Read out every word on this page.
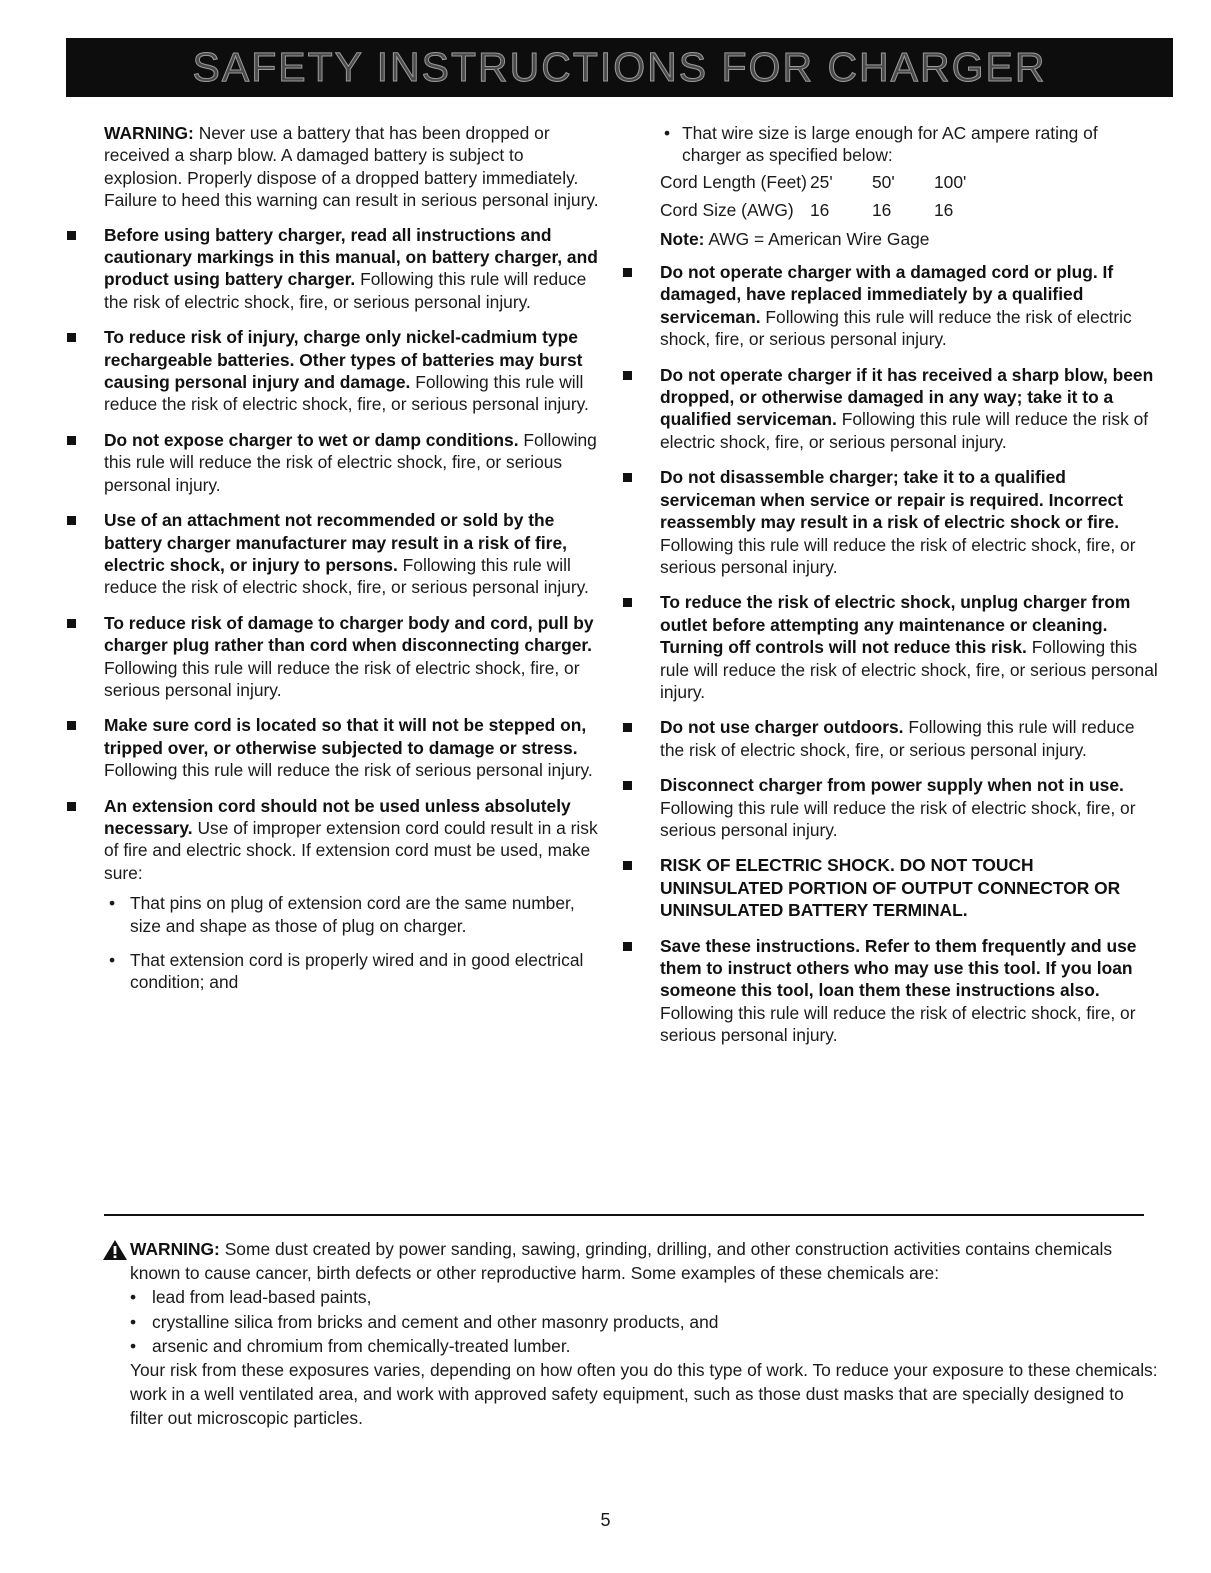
SAFETY INSTRUCTIONS FOR CHARGER

WARNING: Never use a battery that has been dropped or received a sharp blow. A damaged battery is subject to explosion. Properly dispose of a dropped battery immediately. Failure to heed this warning can result in serious personal injury.

Before using battery charger, read all instructions and cautionary markings in this manual, on battery charger, and product using battery charger. Following this rule will reduce the risk of electric shock, fire, or serious personal injury.
To reduce risk of injury, charge only nickel-cadmium type rechargeable batteries. Other types of batteries may burst causing personal injury and damage. Following this rule will reduce the risk of electric shock, fire, or serious personal injury.
Do not expose charger to wet or damp conditions. Following this rule will reduce the risk of electric shock, fire, or serious personal injury.
Use of an attachment not recommended or sold by the battery charger manufacturer may result in a risk of fire, electric shock, or injury to persons. Following this rule will reduce the risk of electric shock, fire, or serious personal injury.
To reduce risk of damage to charger body and cord, pull by charger plug rather than cord when disconnecting charger. Following this rule will reduce the risk of electric shock, fire, or serious personal injury.
Make sure cord is located so that it will not be stepped on, tripped over, or otherwise subjected to damage or stress. Following this rule will reduce the risk of serious personal injury.
An extension cord should not be used unless absolutely necessary. Use of improper extension cord could result in a risk of fire and electric shock. If extension cord must be used, make sure:
• That pins on plug of extension cord are the same number, size and shape as those of plug on charger.
• That extension cord is properly wired and in good electrical condition; and
• That wire size is large enough for AC ampere rating of charger as specified below:
Cord Length (Feet) 25'	50'	100'
Cord Size (AWG) 16	16	16
Note: AWG = American Wire Gage
Do not operate charger with a damaged cord or plug. If damaged, have replaced immediately by a qualified serviceman. Following this rule will reduce the risk of electric shock, fire, or serious personal injury.
Do not operate charger if it has received a sharp blow, been dropped, or otherwise damaged in any way; take it to a qualified serviceman. Following this rule will reduce the risk of electric shock, fire, or serious personal injury.
Do not disassemble charger; take it to a qualified serviceman when service or repair is required. Incorrect reassembly may result in a risk of electric shock or fire. Following this rule will reduce the risk of electric shock, fire, or serious personal injury.
To reduce the risk of electric shock, unplug charger from outlet before attempting any maintenance or cleaning. Turning off controls will not reduce this risk. Following this rule will reduce the risk of electric shock, fire, or serious personal injury.
Do not use charger outdoors. Following this rule will reduce the risk of electric shock, fire, or serious personal injury.
Disconnect charger from power supply when not in use. Following this rule will reduce the risk of electric shock, fire, or serious personal injury.
RISK OF ELECTRIC SHOCK. DO NOT TOUCH UNINSULATED PORTION OF OUTPUT CONNECTOR OR UNINSULATED BATTERY TERMINAL.
Save these instructions. Refer to them frequently and use them to instruct others who may use this tool. If you loan someone this tool, loan them these instructions also. Following this rule will reduce the risk of electric shock, fire, or serious personal injury.
WARNING: Some dust created by power sanding, sawing, grinding, drilling, and other construction activities contains chemicals known to cause cancer, birth defects or other reproductive harm. Some examples of these chemicals are:
• lead from lead-based paints,
• crystalline silica from bricks and cement and other masonry products, and
• arsenic and chromium from chemically-treated lumber.
Your risk from these exposures varies, depending on how often you do this type of work. To reduce your exposure to these chemicals: work in a well ventilated area, and work with approved safety equipment, such as those dust masks that are specially designed to filter out microscopic particles.
5
